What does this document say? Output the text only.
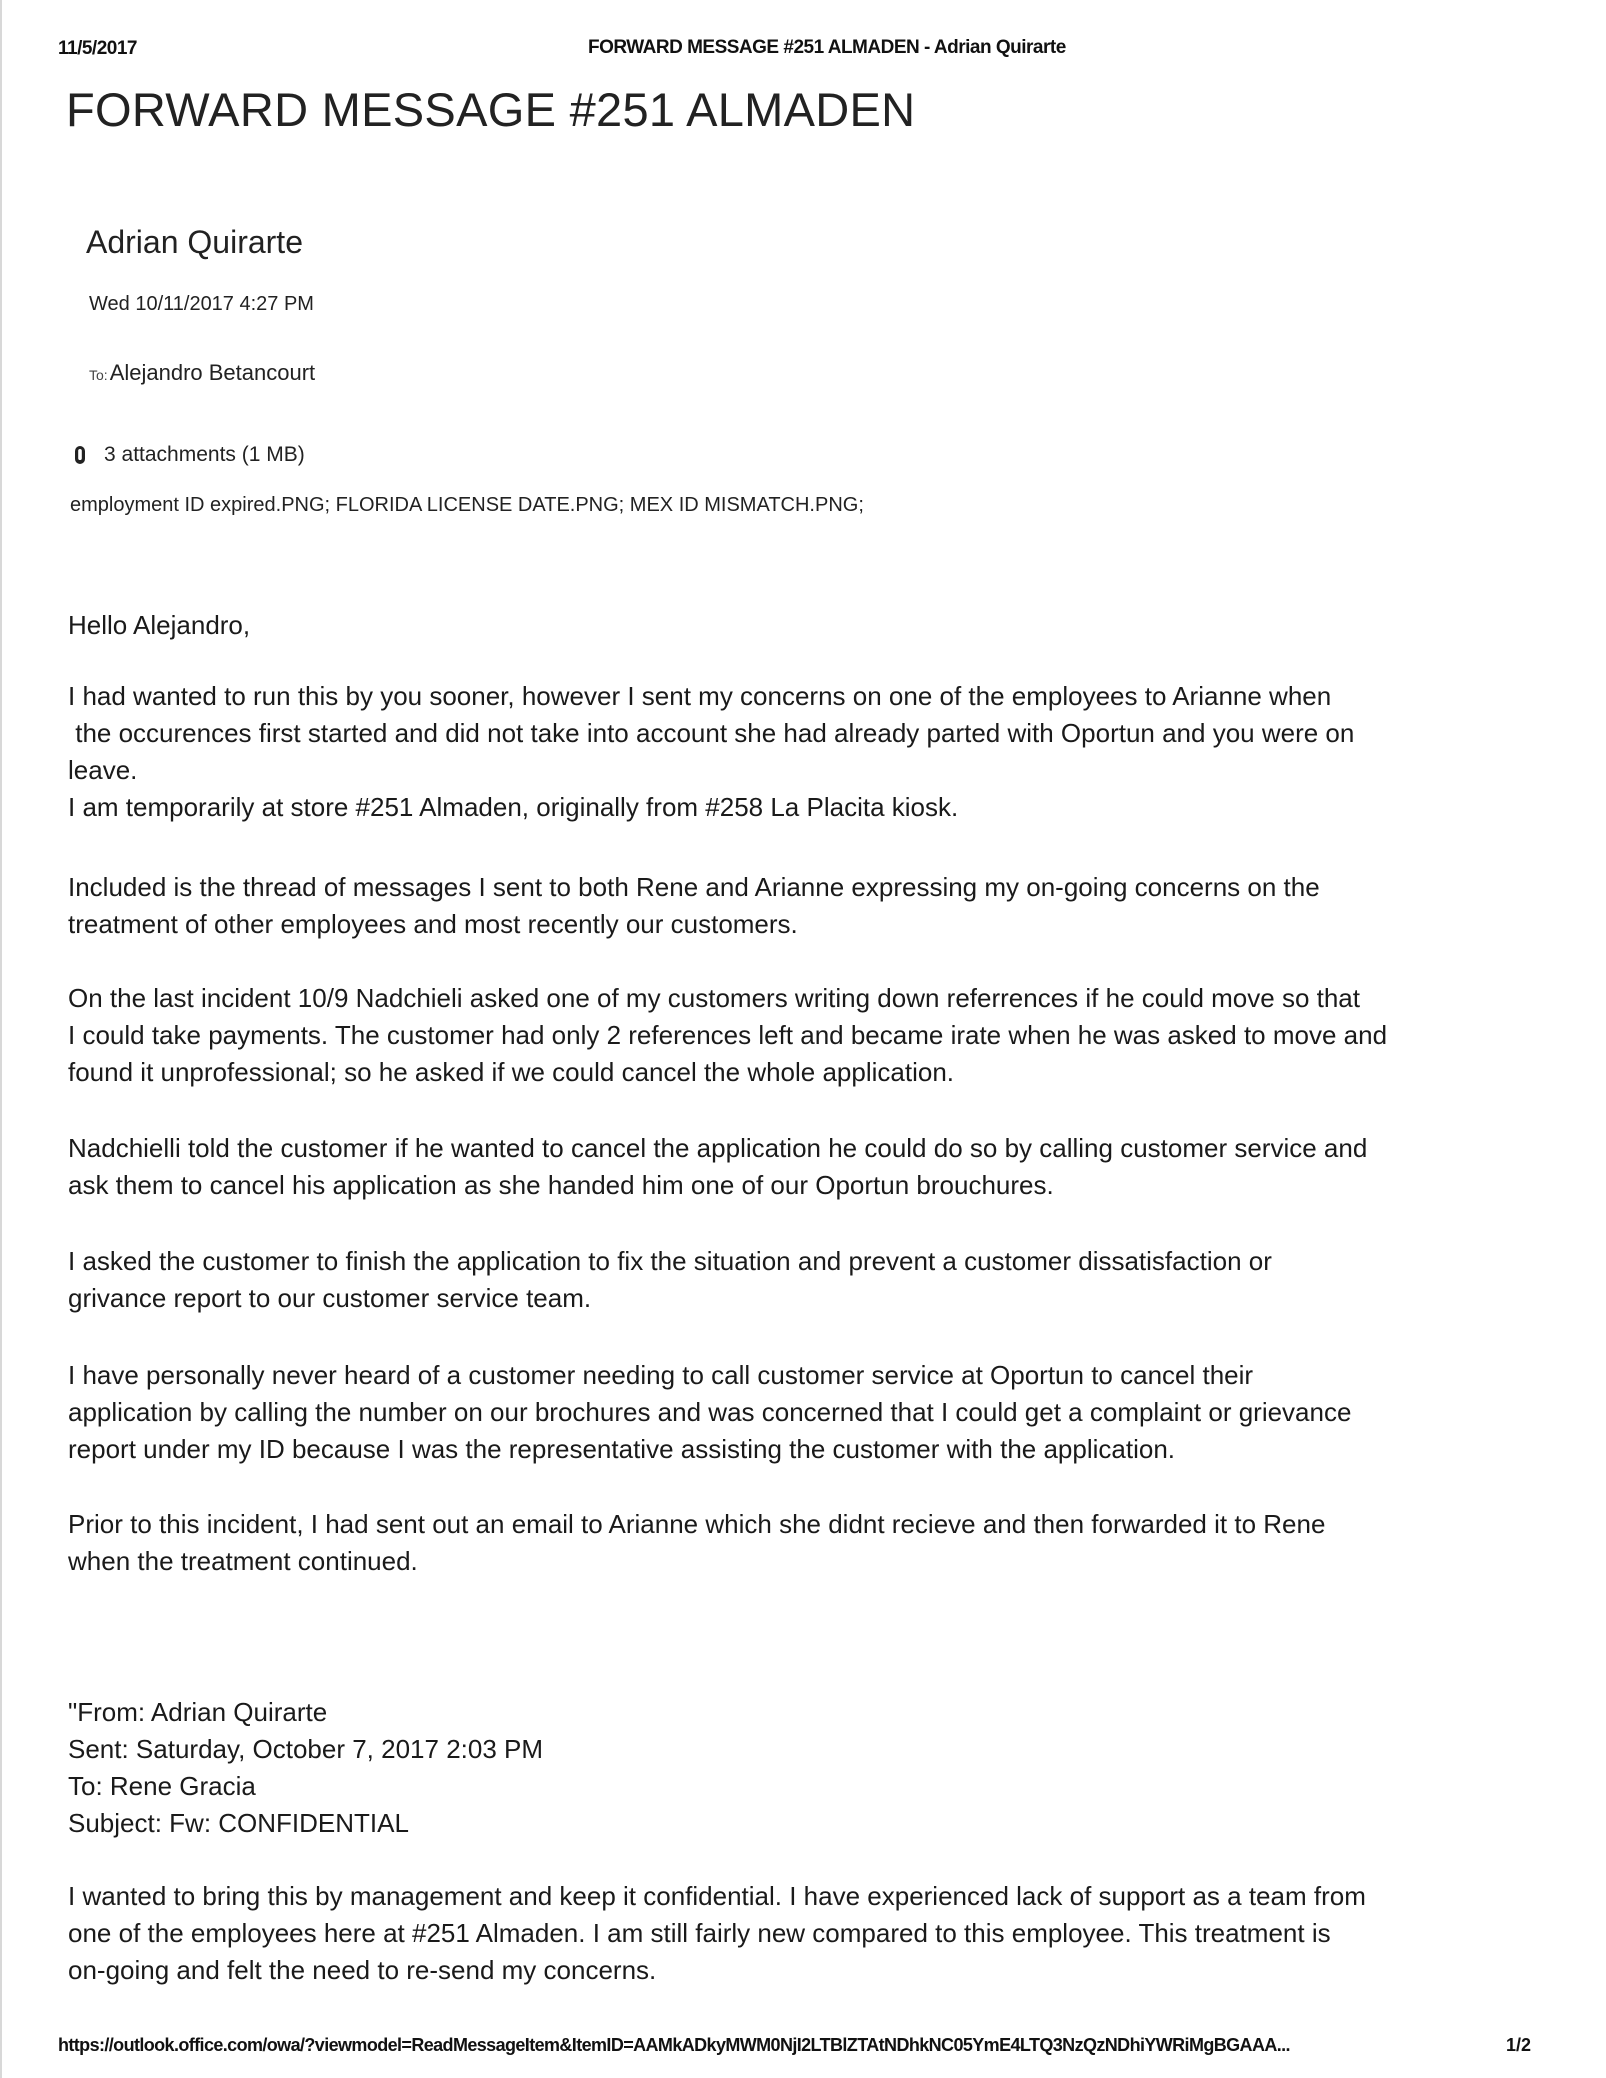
11/5/2017	FORWARD MESSAGE #251 ALMADEN - Adrian Quirarte
FORWARD MESSAGE #251 ALMADEN
Adrian Quirarte
Wed 10/11/2017 4:27 PM
To:Alejandro Betancourt
3 attachments (1 MB)
employment ID expired.PNG; FLORIDA LICENSE DATE.PNG; MEX ID MISMATCH.PNG;
Hello Alejandro,
I had wanted to run this by you sooner, however I sent my concerns on one of the employees to Arianne when
the occurences first started and did not take into account she had already parted with Oportun and you were on
leave.
I am temporarily at store #251 Almaden, originally from #258 La Placita kiosk.
Included is the thread of messages I sent to both Rene and Arianne expressing my on-going concerns on the
treatment of other employees and most recently our customers.
On the last incident 10/9 Nadchieli asked one of my customers writing down referrences if he could move so that
I could take payments. The customer had only 2 references left and became irate when he was asked to move and
found it unprofessional; so he asked if we could cancel the whole application.
Nadchielli told the customer if he wanted to cancel the application he could do so by calling customer service and
ask them to cancel his application as she handed him one of our Oportun brouchures.
I asked the customer to finish the application to fix the situation and prevent a customer dissatisfaction or
grivance report to our customer service team.
I have personally never heard of a customer needing to call customer service at Oportun to cancel their
application by calling the number on our brochures and was concerned that I could get a complaint or grievance
report under my ID because I was the representative assisting the customer with the application.
Prior to this incident, I had sent out an email to Arianne which she didnt recieve and then forwarded it to Rene
when the treatment continued.
"From: Adrian Quirarte
Sent: Saturday, October 7, 2017 2:03 PM
To: Rene Gracia
Subject: Fw: CONFIDENTIAL
I wanted to bring this by management and keep it confidential. I have experienced lack of support as a team from
one of the employees here at #251 Almaden. I am still fairly new compared to this employee. This treatment is
on-going and felt the need to re-send my concerns.
https://outlook.office.com/owa/?viewmodel=ReadMessageItem&ItemID=AAMkADkyMWM0NjI2LTBlZTAtNDhkNC05YmE4LTQ3NzQzNDhiYWRiMgBGAAA...	1/2
